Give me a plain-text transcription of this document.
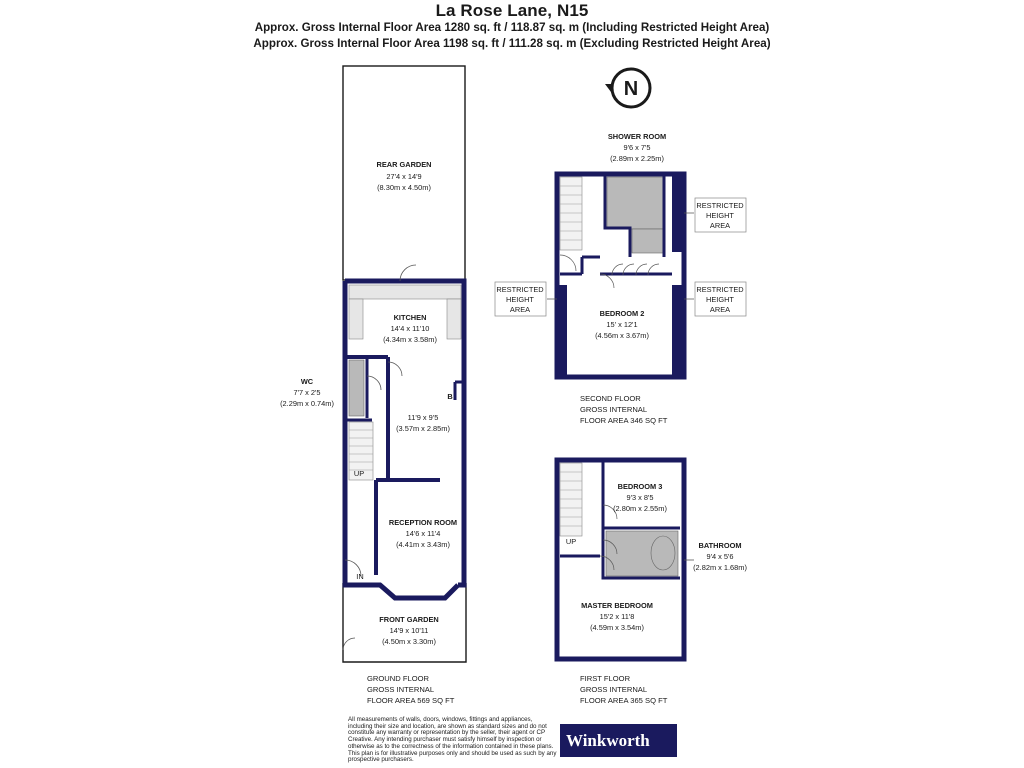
La Rose Lane, N15
Approx. Gross Internal Floor Area 1280 sq. ft / 118.87 sq. m (Including Restricted Height Area)
Approx. Gross Internal Floor Area 1198 sq. ft / 111.28 sq. m (Excluding Restricted Height Area)
N
B
UP
IN
REAR GARDEN
27'4 x 14'9
(8.30m x 4.50m)
KITCHEN
14'4 x 11'10
(4.34m x 3.58m)
11'9 x 9'5
(3.57m x 2.85m)
WC
7'7 x 2'5
(2.29m x 0.74m)
RECEPTION ROOM
14'6 x 11'4
(4.41m x 3.43m)
FRONT GARDEN
14'9 x 10'11
(4.50m x 3.30m)
GROUND FLOOR
GROSS INTERNAL
FLOOR AREA 569 SQ FT
SHOWER ROOM
9'6 x 7'5
(2.89m x 2.25m)
BEDROOM 2
15' x 12'1
(4.56m x 3.67m)
RESTRICTED
HEIGHT
AREA
RESTRICTED
HEIGHT
AREA
RESTRICTED
HEIGHT
AREA
SECOND FLOOR
GROSS INTERNAL
FLOOR AREA 346 SQ FT
UP
BEDROOM 3
9'3 x 8'5
(2.80m x 2.55m)
BATHROOM
9'4 x 5'6
(2.82m x 1.68m)
MASTER BEDROOM
15'2 x 11'8
(4.59m x 3.54m)
FIRST FLOOR
GROSS INTERNAL
FLOOR AREA 365 SQ FT
All measurements of walls, doors, windows, fittings and appliances, including their size and location, are shown as standard sizes and do not constitute any warranty or representation by the seller, their agent or CP Creative. Any intending purchaser must satisfy himself by inspection or otherwise as to the correctness of the information contained in these plans. This plan is for illustrative purposes only and should be used as such by any prospective purchasers.
Winkworth
